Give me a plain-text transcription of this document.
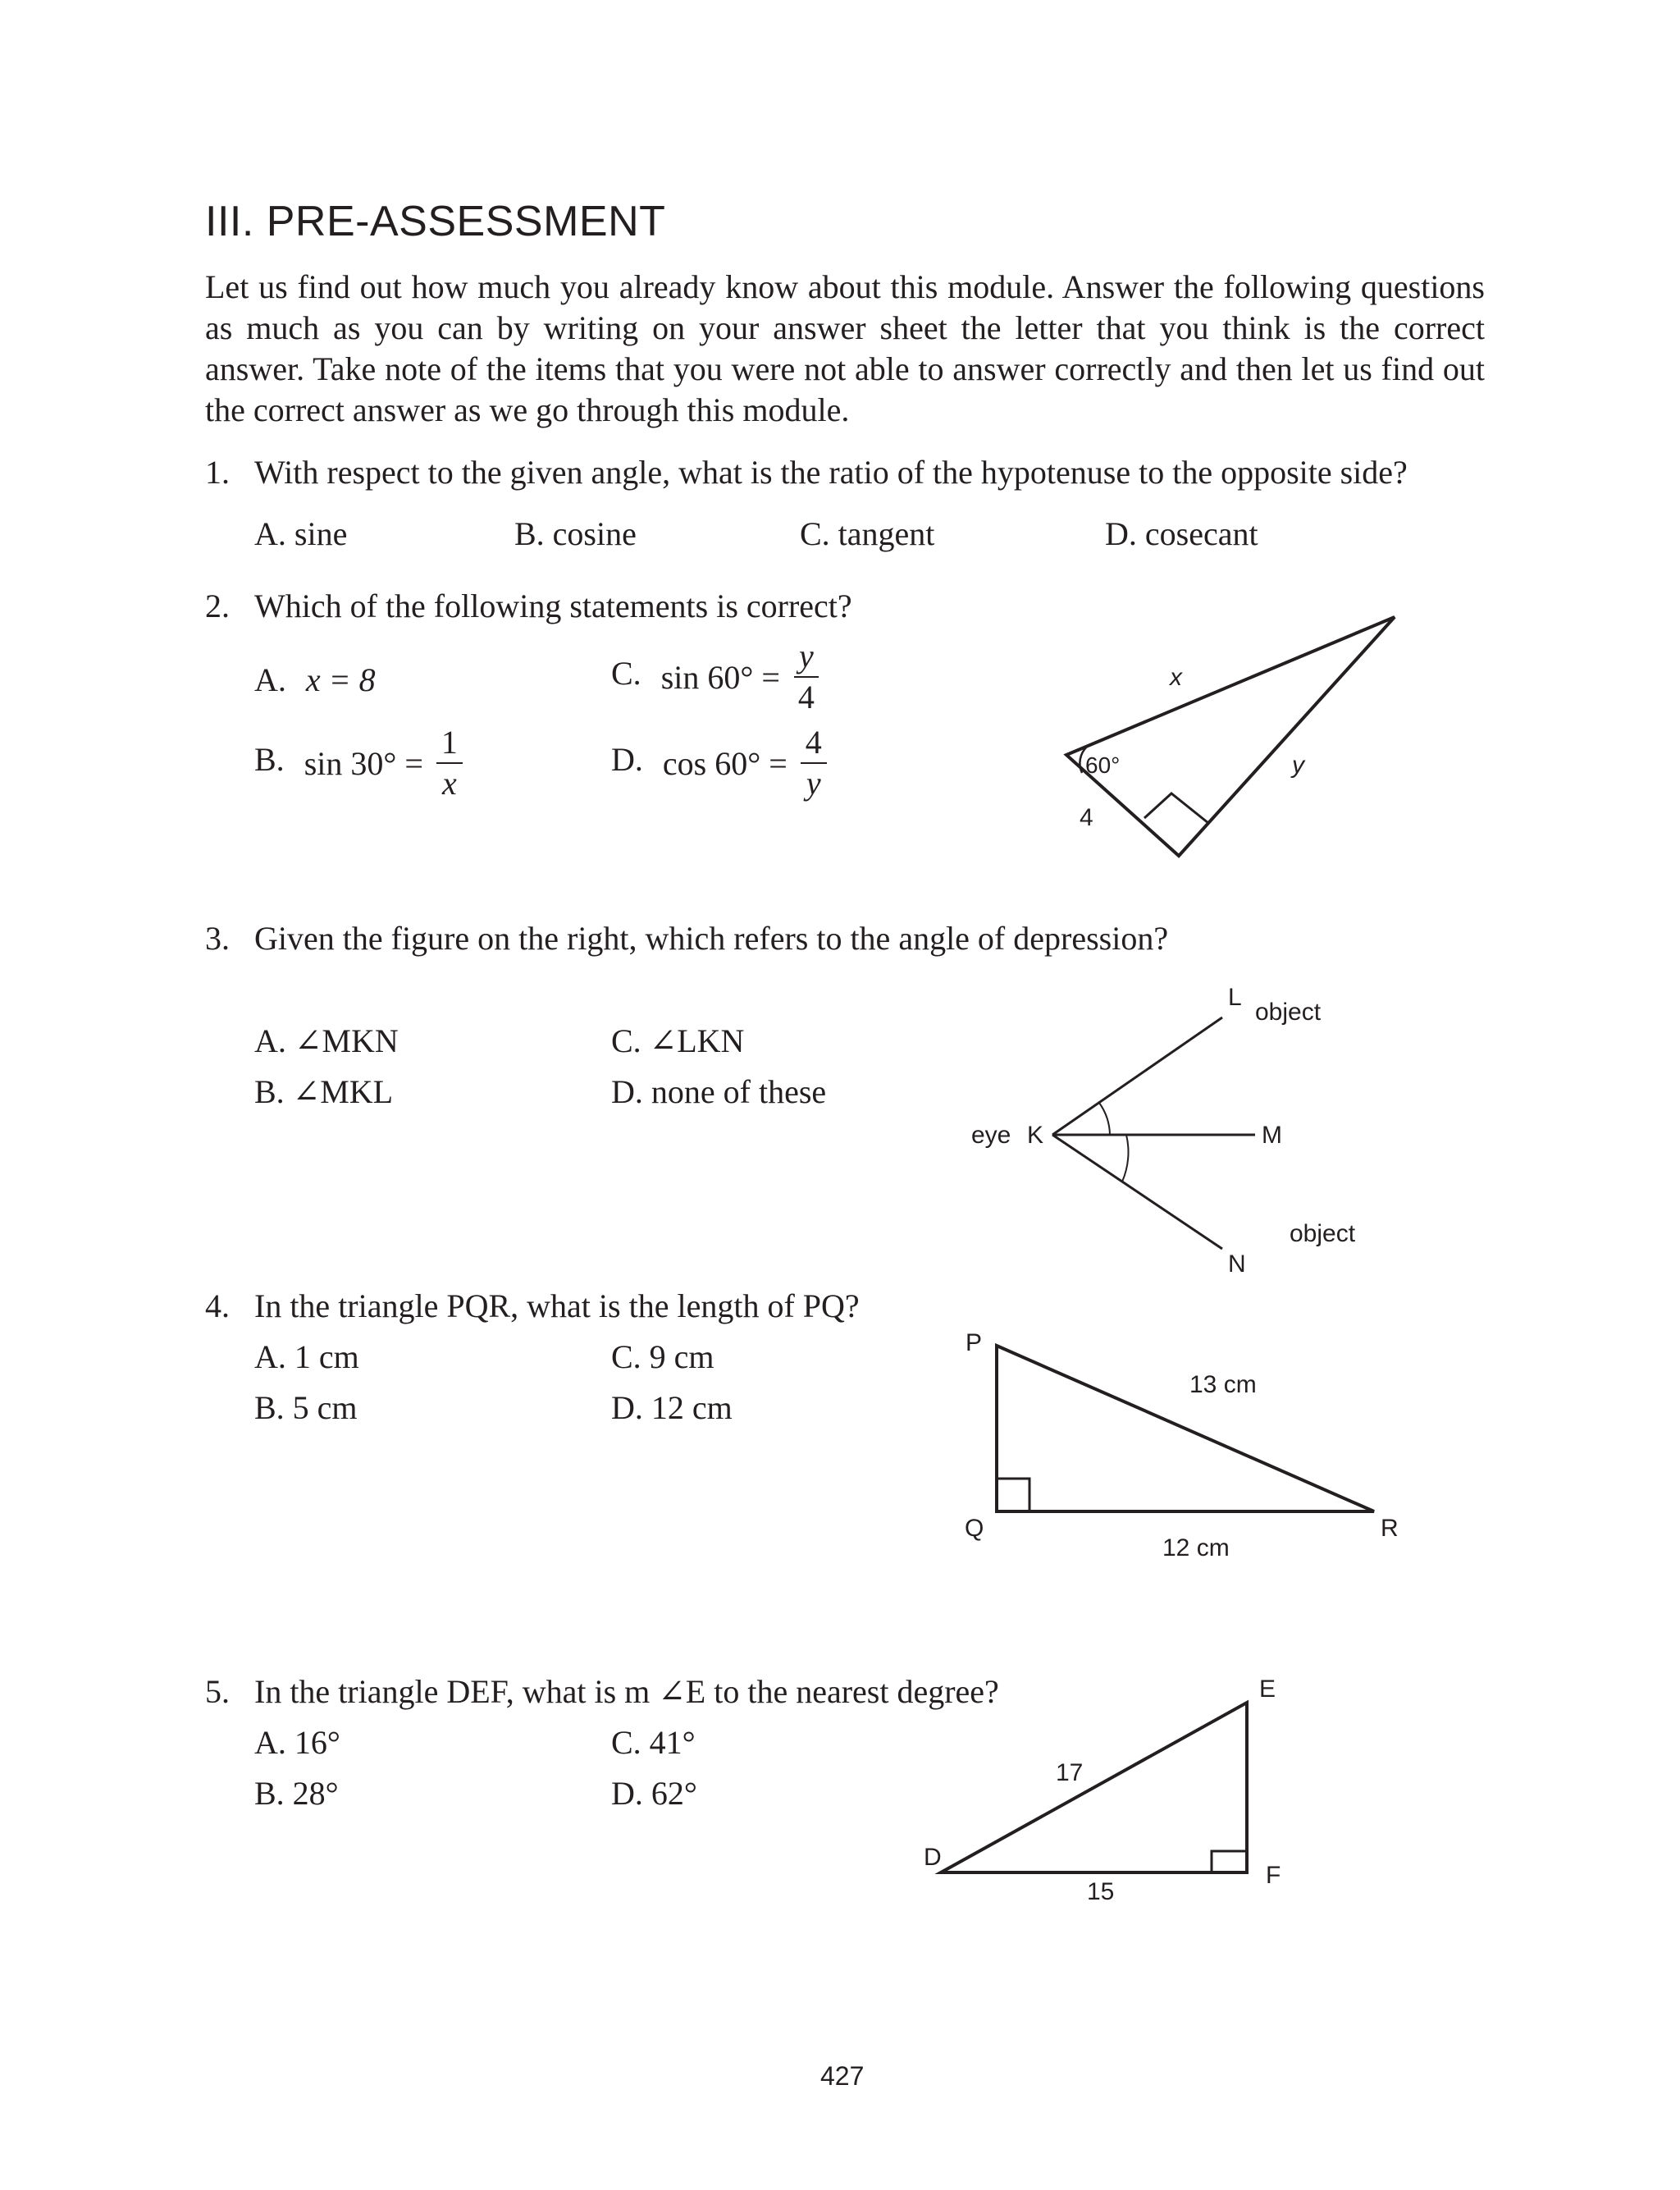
III. PRE-ASSESSMENT

Let us find out how much you already know about this module. Answer the following questions as much as you can by writing on your answer sheet the letter that you think is the correct answer. Take note of the items that you were not able to answer correctly and then let us find out the correct answer as we go through this module.

1. With respect to the given angle, what is the ratio of the hypotenuse to the opposite side?
A. sine	B. cosine	C. tangent	D. cosecant
2. Which of the following statements is correct?
A. x = 8
B. $\sin 30^\circ = \frac{1}{x}$
C. $\sin 60^\circ = \frac{y}{4}$
D. $\cos 60^\circ = \frac{4}{y}$
x
y
4
60°
L
object
eye K	M
object
N
P
Q	R
13 cm
12 cm
D
E
F
17
15
3. Given the figure on the right, which refers to the angle of depression?
A. ∠MKN
B. ∠MKL
C. ∠LKN
D. none of these
4. In the triangle PQR, what is the length of PQ?
A. 1 cm
B. 5 cm
C. 9 cm
D. 12 cm
5. In the triangle DEF, what is m ∠E to the nearest degree?
A. 16°
B. 28°
C. 41°
D. 62°
427
